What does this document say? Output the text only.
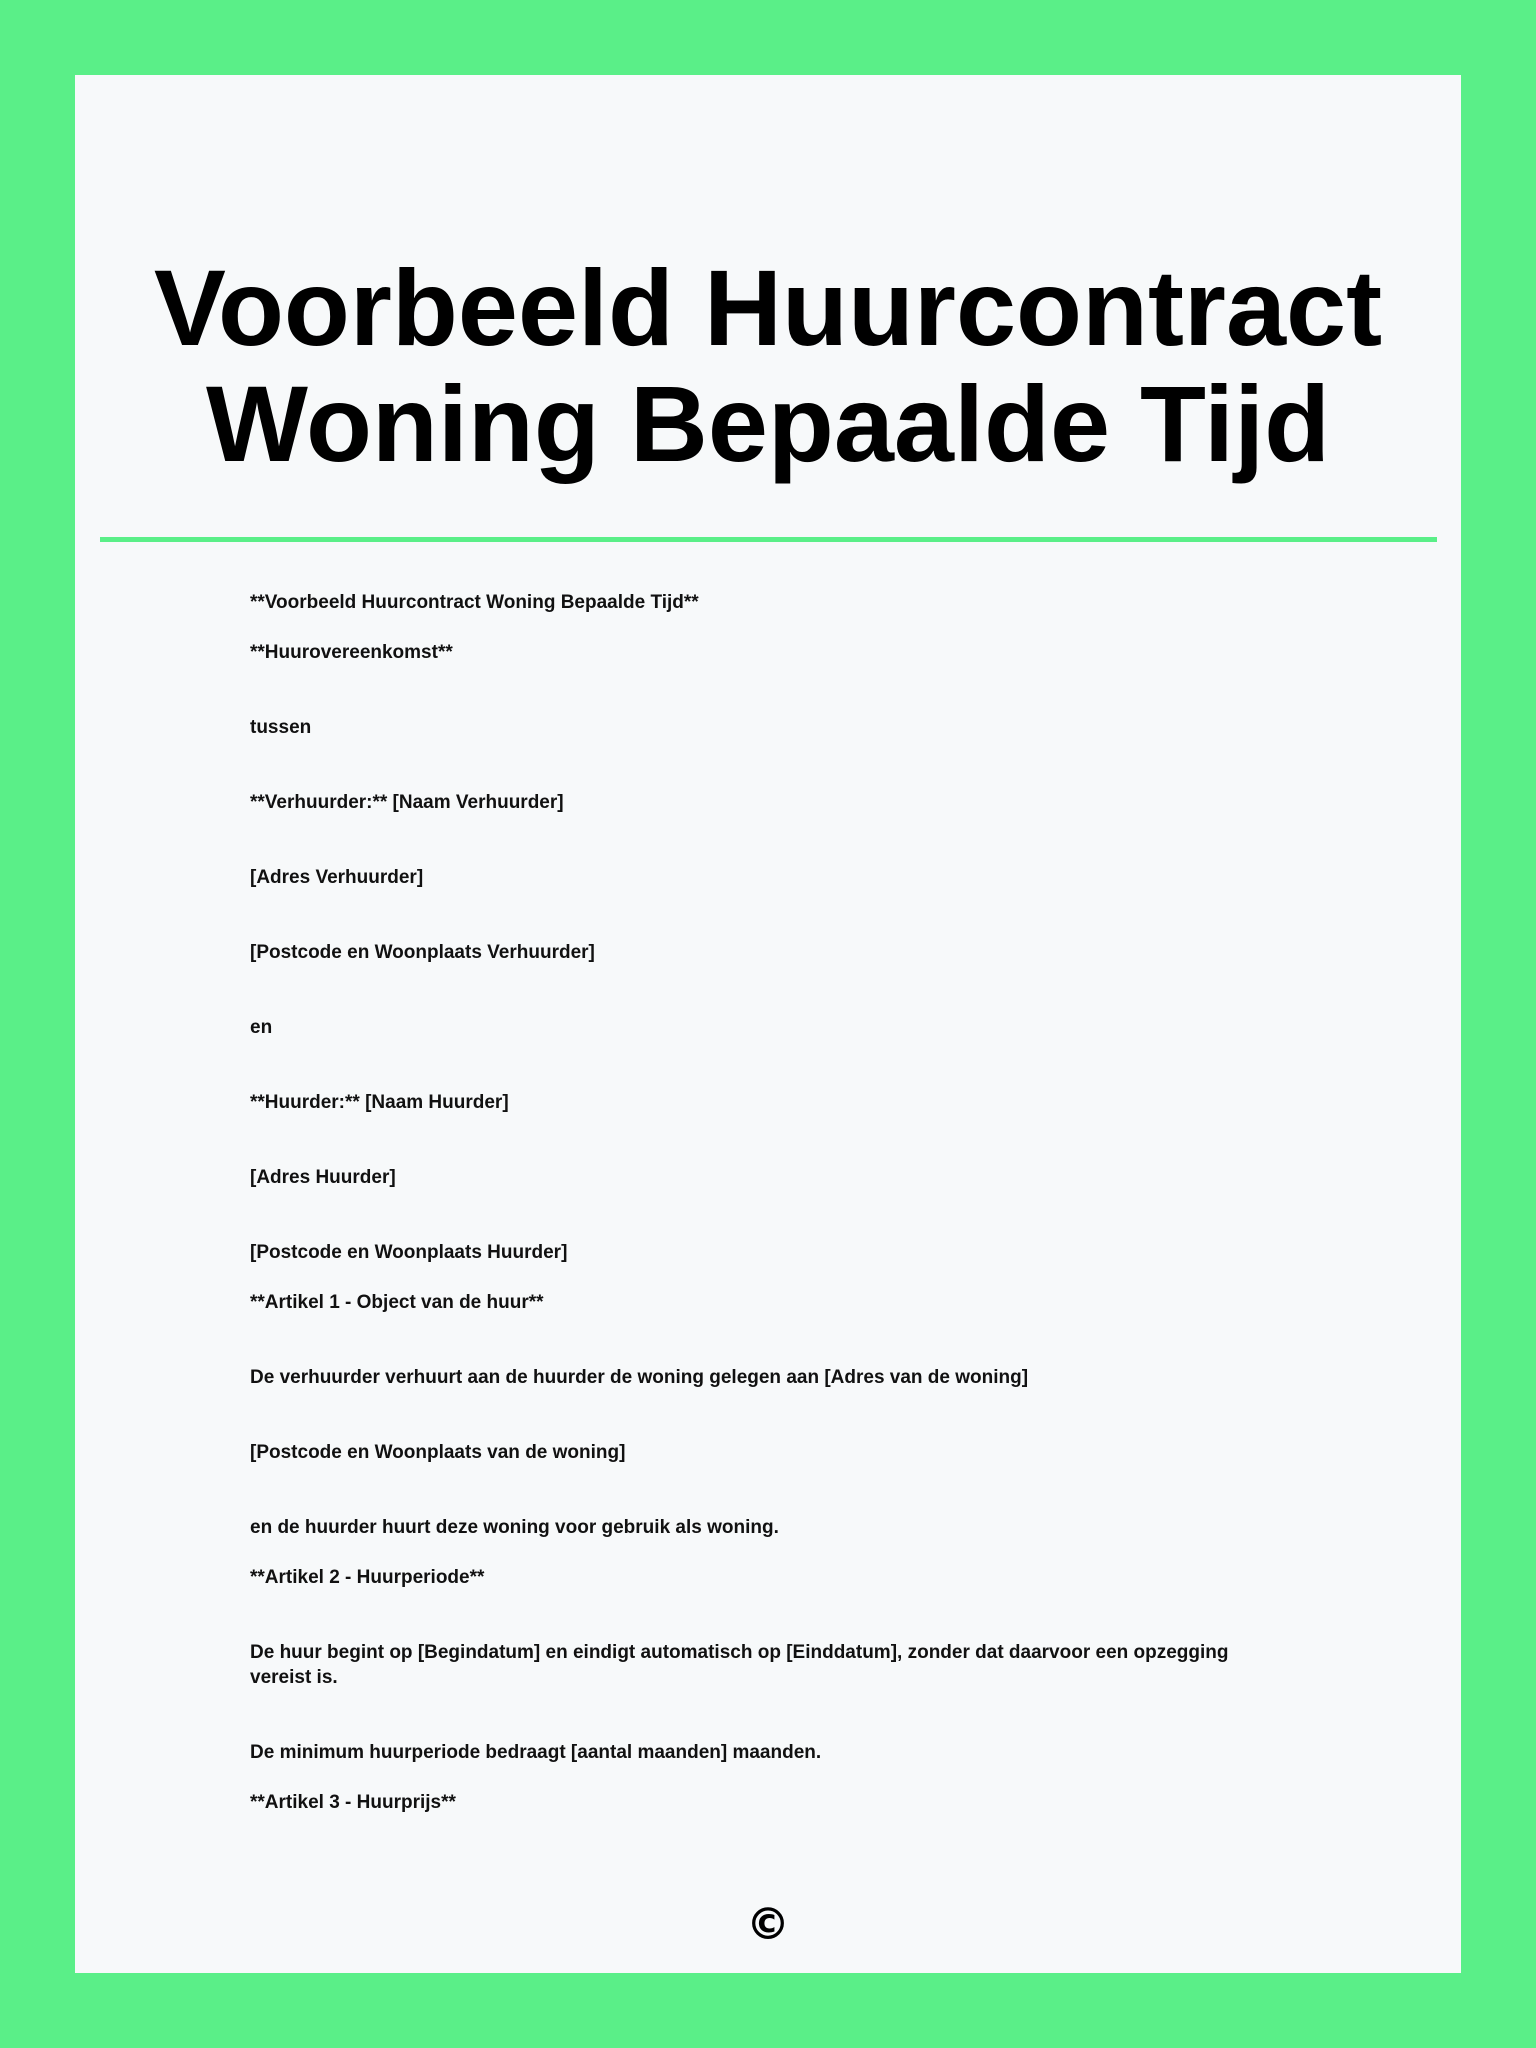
Voorbeeld Huurcontract
Woning Bepaalde Tijd
**Voorbeeld Huurcontract Woning Bepaalde Tijd**
**Huurovereenkomst**
tussen
**Verhuurder:** [Naam Verhuurder]
[Adres Verhuurder]
[Postcode en Woonplaats Verhuurder]
en
**Huurder:** [Naam Huurder]
[Adres Huurder]
[Postcode en Woonplaats Huurder]
**Artikel 1 - Object van de huur**
De verhuurder verhuurt aan de huurder de woning gelegen aan [Adres van de woning]
[Postcode en Woonplaats van de woning]
en de huurder huurt deze woning voor gebruik als woning.
**Artikel 2 - Huurperiode**
De huur begint op [Begindatum] en eindigt automatisch op [Einddatum], zonder dat daarvoor een opzegging vereist is.
De minimum huurperiode bedraagt [aantal maanden] maanden.
**Artikel 3 - Huurprijs**
©
